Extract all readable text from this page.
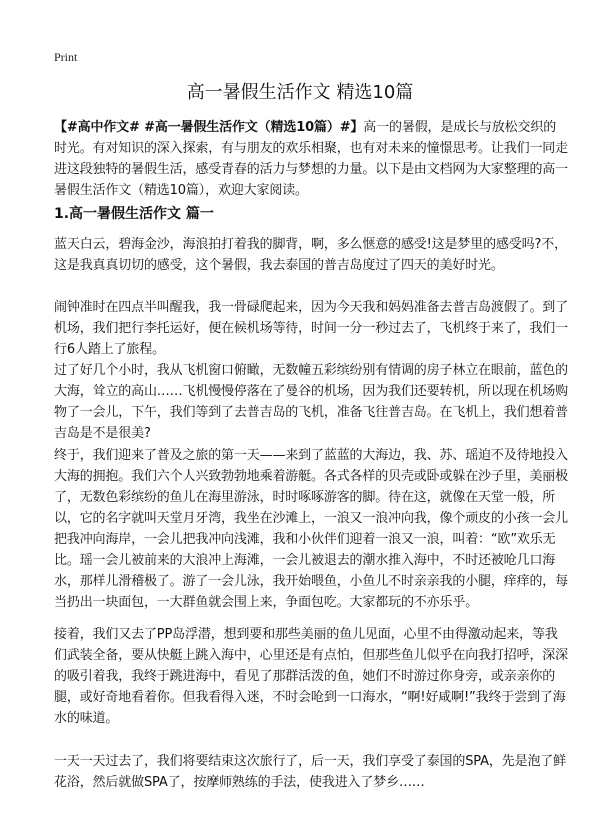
Print
高一暑假生活作文 精选10篇
【#高中作文# #高一暑假生活作文（精选10篇）#】高一的暑假，是成长与放松交织的时光。有对知识的深入探索，有与朋友的欢乐相聚，也有对未来的憧憬思考。让我们一同走进这段独特的暑假生活，感受青春的活力与梦想的力量。以下是由文档网为大家整理的高一暑假生活作文（精选10篇），欢迎大家阅读。
1.高一暑假生活作文 篇一
蓝天白云，碧海金沙，海浪拍打着我的脚背，啊，多么惬意的感受!这是梦里的感受吗?不，这是我真真切切的感受，这个暑假，我去泰国的普吉岛度过了四天的美好时光。
闹钟准时在四点半叫醒我，我一骨碌爬起来，因为今天我和妈妈准备去普吉岛渡假了。到了机场，我们把行李托运好，便在候机场等待，时间一分一秒过去了，飞机终于来了，我们一行6人踏上了旅程。
过了好几个小时，我从飞机窗口俯瞰，无数幢五彩缤纷别有情调的房子林立在眼前，蓝色的大海，耸立的高山……飞机慢慢停落在了曼谷的机场，因为我们还要转机，所以现在机场购物了一会儿，下午，我们等到了去普吉岛的飞机，准备飞往普吉岛。在飞机上，我们想着普吉岛是不是很美?
终于，我们迎来了普及之旅的第一天——来到了蓝蓝的大海边，我、苏、瑶迫不及待地投入大海的拥抱。我们六个人兴致勃勃地乘着游艇。各式各样的贝壳或卧或躲在沙子里，美丽极了，无数色彩缤纷的鱼儿在海里游泳，时时啄啄游客的脚。待在这，就像在天堂一般，所以，它的名字就叫天堂月牙湾，我坐在沙滩上，一浪又一浪冲向我，像个顽皮的小孩一会儿把我冲向海岸，一会儿把我冲向浅滩，我和小伙伴们迎着一浪又一浪，叫着：“欧”欢乐无比。瑶一会儿被前来的大浪冲上海滩，一会儿被退去的潮水推入海中，不时还被呛几口海水，那样儿滑稽极了。游了一会儿泳，我开始喂鱼，小鱼儿不时亲亲我的小腿，痒痒的，每当扔出一块面包，一大群鱼就会围上来，争面包吃。大家都玩的不亦乐乎。
接着，我们又去了PP岛浮潜，想到要和那些美丽的鱼儿见面，心里不由得激动起来，等我们武装全备，要从快艇上跳入海中，心里还是有点怕，但那些鱼儿似乎在向我打招呼，深深的吸引着我，我终于跳进海中，看见了那群活泼的鱼，她们不时游过你身旁，或亲亲你的腿，或好奇地看着你。但我看得入迷，不时会呛到一口海水，“啊!好咸啊!”我终于尝到了海水的味道。
一天一天过去了，我们将要结束这次旅行了，后一天，我们享受了泰国的SPA，先是泡了鲜花浴，然后就做SPA了，按摩师熟练的手法，使我进入了梦乡……
